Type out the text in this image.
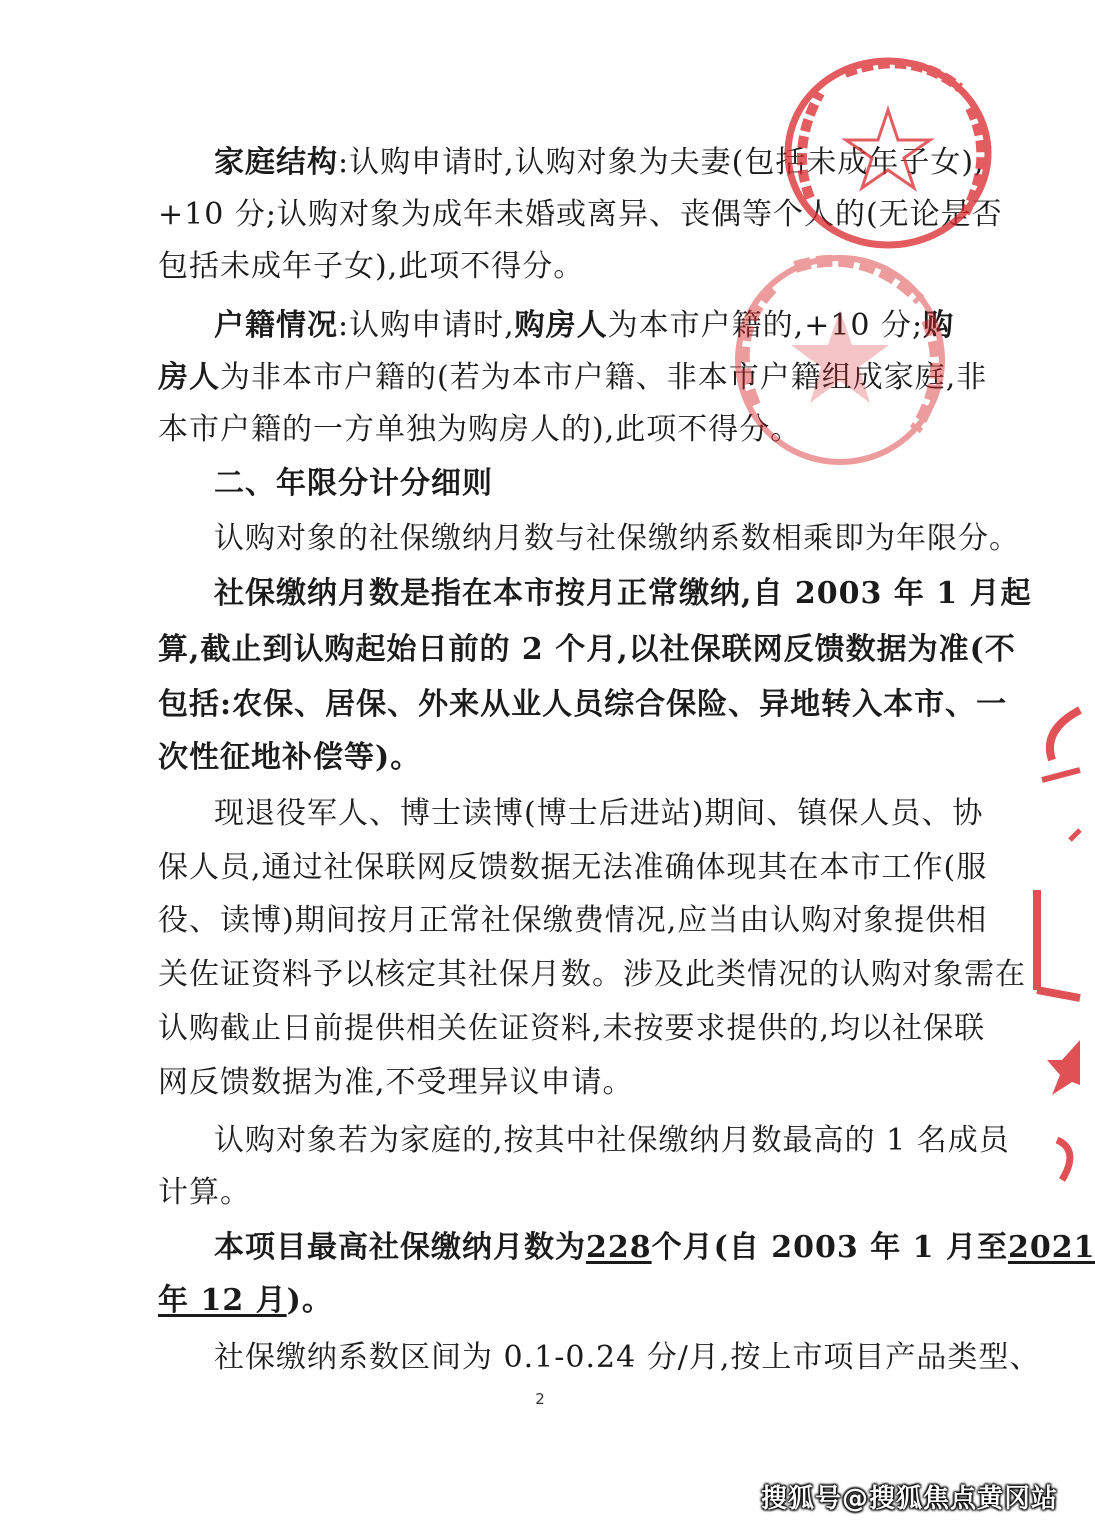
家庭结构:认购申请时,认购对象为夫妻(包括未成年子女),
+10 分;认购对象为成年未婚或离异、丧偶等个人的(无论是否
包括未成年子女),此项不得分。
户籍情况:认购申请时,购房人为本市户籍的,+10 分;购
房人为非本市户籍的(若为本市户籍、非本市户籍组成家庭,非
本市户籍的一方单独为购房人的),此项不得分。
二、年限分计分细则
认购对象的社保缴纳月数与社保缴纳系数相乘即为年限分。
社保缴纳月数是指在本市按月正常缴纳,自 2003 年 1 月起
算,截止到认购起始日前的 2 个月,以社保联网反馈数据为准(不
包括:农保、居保、外来从业人员综合保险、异地转入本市、一
次性征地补偿等)。
现退役军人、博士读博(博士后进站)期间、镇保人员、协
保人员,通过社保联网反馈数据无法准确体现其在本市工作(服
役、读博)期间按月正常社保缴费情况,应当由认购对象提供相
关佐证资料予以核定其社保月数。涉及此类情况的认购对象需在
认购截止日前提供相关佐证资料,未按要求提供的,均以社保联
网反馈数据为准,不受理异议申请。
认购对象若为家庭的,按其中社保缴纳月数最高的 1 名成员
计算。
本项目最高社保缴纳月数为228个月(自 2003 年 1 月至2021
年 12 月)。
社保缴纳系数区间为 0.1-0.24 分/月,按上市项目产品类型、
2
搜狐号@搜狐焦点黄冈站
